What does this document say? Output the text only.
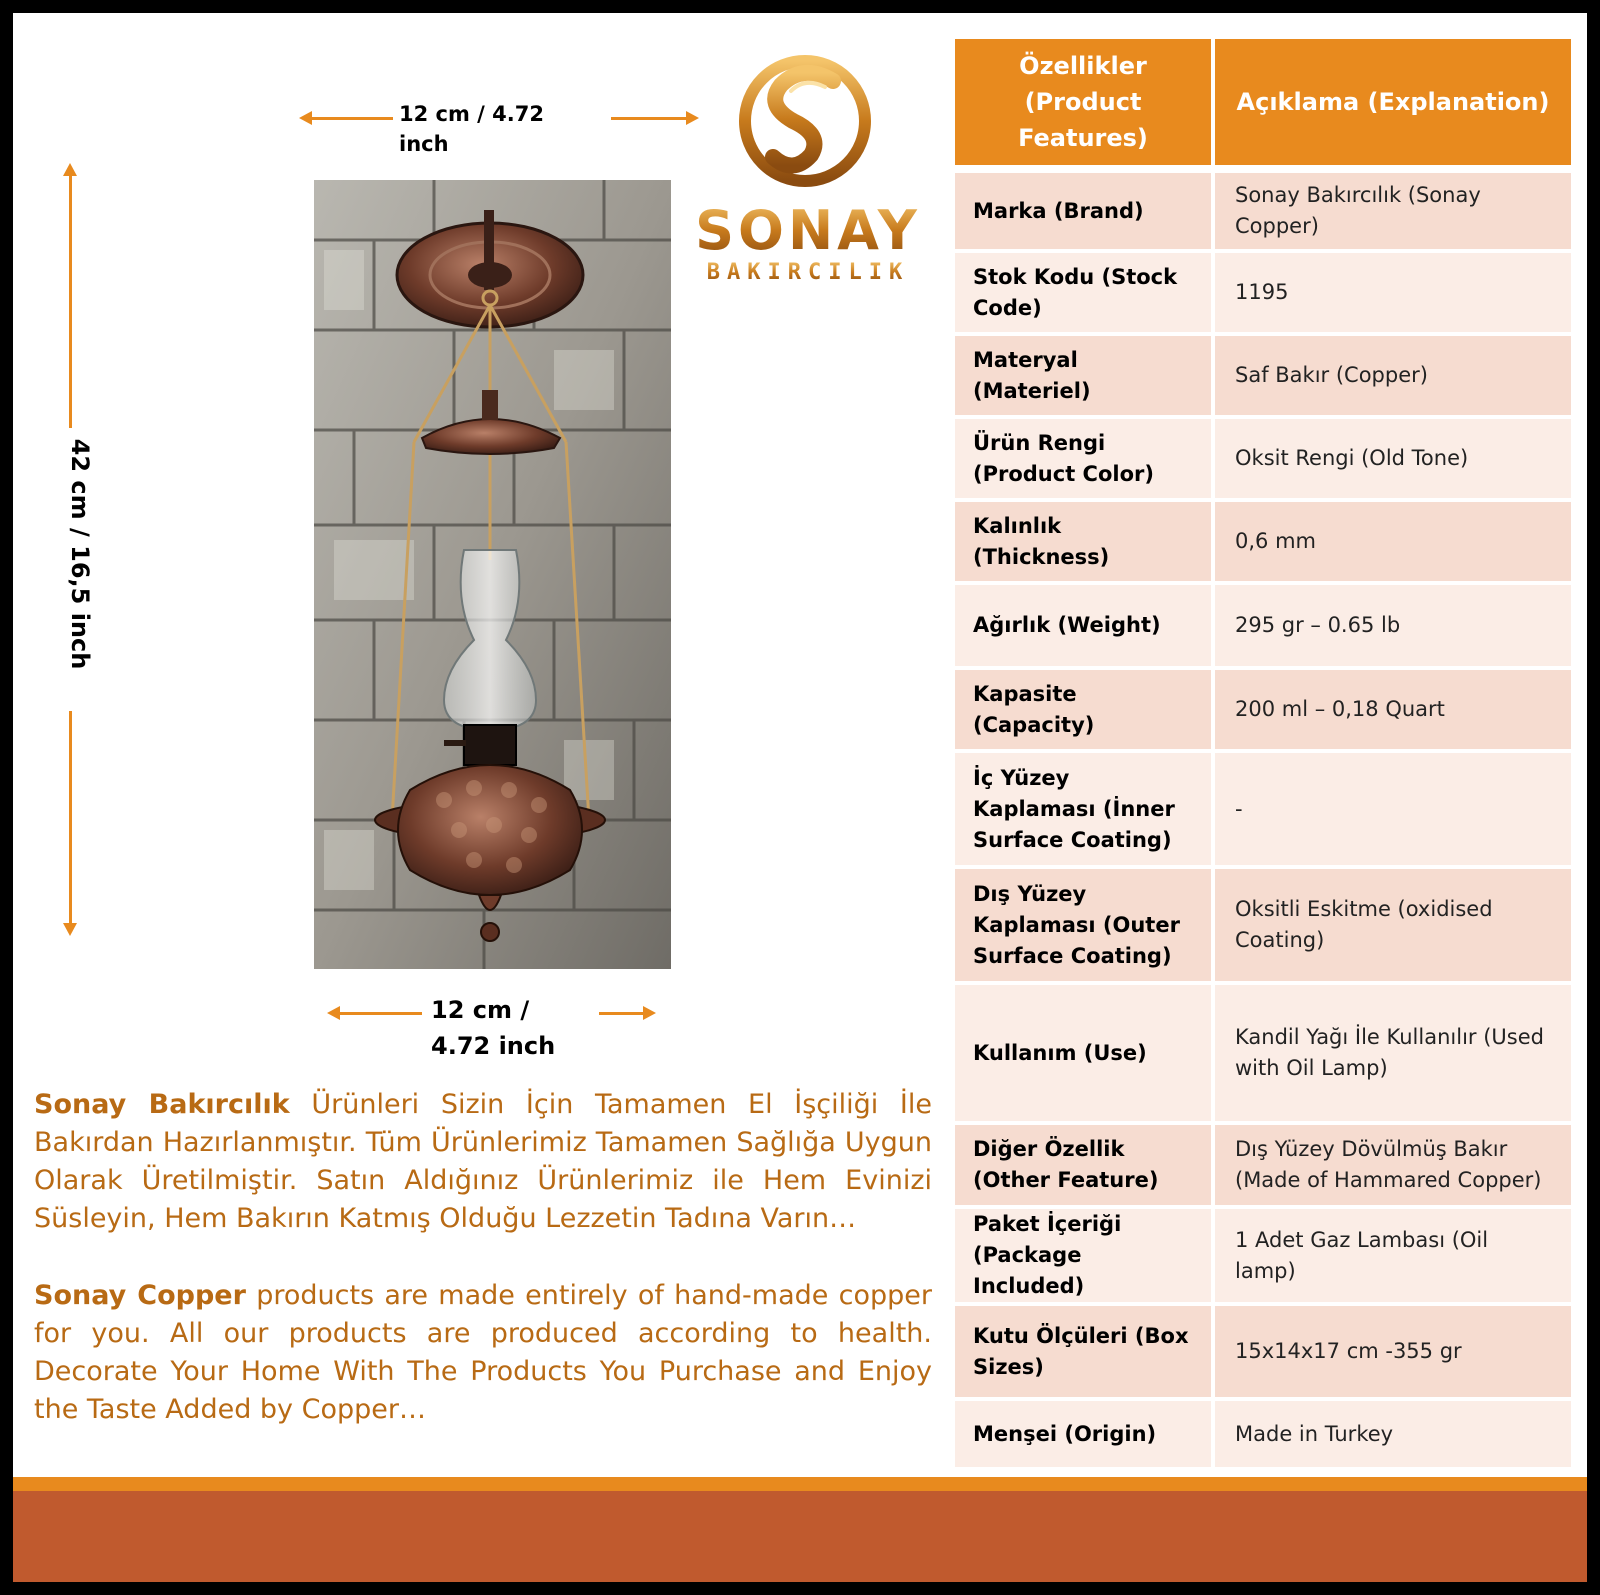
12 cm / 4.72 inch
42 cm / 16,5 inch
12 cm /
4.72 inch
SONAY
BAKIRCILIK
Sonay Bakırcılık Ürünleri Sizin İçin Tamamen El İşçiliği İle Bakırdan Hazırlanmıştır. Tüm Ürünlerimiz Tamamen Sağlığa Uygun Olarak Üretilmiştir. Satın Aldığınız Ürünlerimiz ile Hem Evinizi Süsleyin, Hem Bakırın Katmış Olduğu Lezzetin Tadına Varın…
Sonay Copper products are made entirely of hand-made copper for you. All our products are produced according to health. Decorate Your Home With The Products You Purchase and Enjoy the Taste Added by Copper…
Özellikler (Product Features)	Açıklama (Explanation)
Marka (Brand)	Sonay Bakırcılık (Sonay Copper)
Stok Kodu (Stock Code)	1195
Materyal (Materiel)	Saf Bakır (Copper)
Ürün Rengi (Product Color)	Oksit Rengi (Old Tone)
Kalınlık (Thickness)	0,6 mm
Ağırlık (Weight)	295 gr – 0.65 lb
Kapasite (Capacity)	200 ml – 0,18 Quart
İç Yüzey Kaplaması (İnner Surface Coating)	-
Dış Yüzey Kaplaması (Outer Surface Coating)	Oksitli Eskitme (oxidised Coating)
Kullanım (Use)	Kandil Yağı İle Kullanılır (Used with Oil Lamp)
Diğer Özellik (Other Feature)	Dış Yüzey Dövülmüş Bakır (Made of Hammared Copper)
Paket İçeriği (Package Included)	1 Adet Gaz Lambası (Oil lamp)
Kutu Ölçüleri (Box Sizes)	15x14x17 cm -355 gr
Menşei (Origin)	Made in Turkey
